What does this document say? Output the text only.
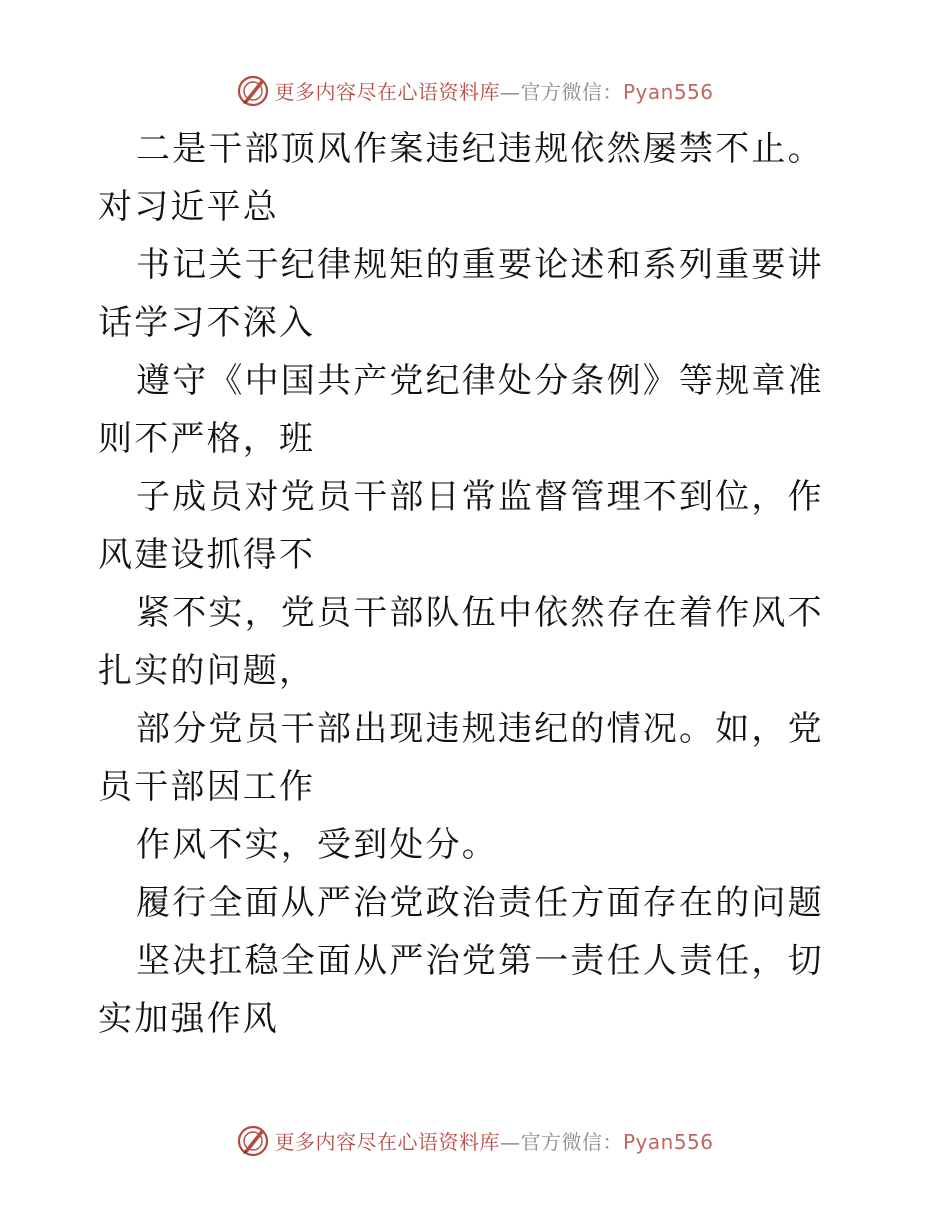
更多内容尽在心语资料库—官方微信：Pyan556

二是干部顶风作案违纪违规依然屡禁不止。对习近平总

书记关于纪律规矩的重要论述和系列重要讲话学习不深入

遵守《中国共产党纪律处分条例》等规章准则不严格，班

子成员对党员干部日常监督管理不到位，作风建设抓得不

紧不实，党员干部队伍中依然存在着作风不扎实的问题，

部分党员干部出现违规违纪的情况。如，党员干部因工作

作风不实，受到处分。

履行全面从严治党政治责任方面存在的问题

坚决扛稳全面从严治党第一责任人责任，切实加强作风

更多内容尽在心语资料库—官方微信：Pyan556
